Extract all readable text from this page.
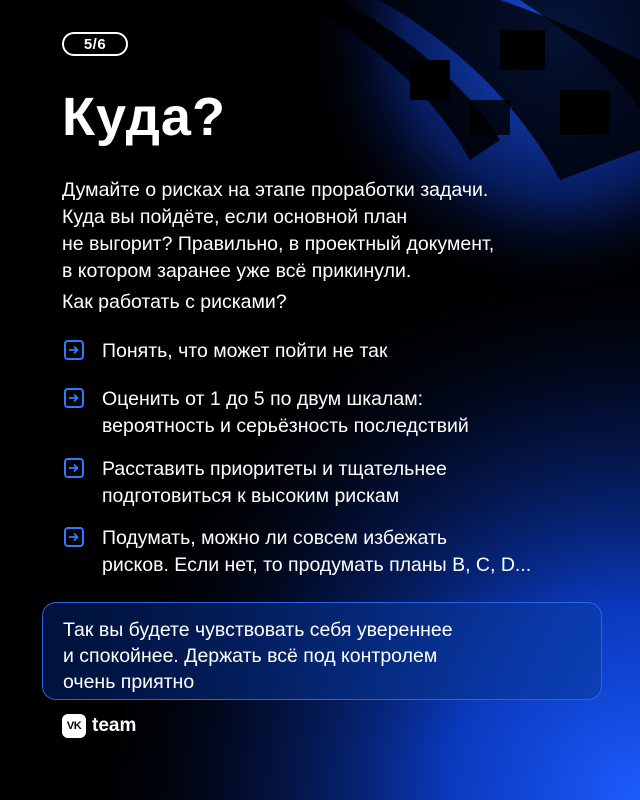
5/6
Куда?

Думайте о рисках на этапе проработки задачи.
Куда вы пойдёте, если основной план
не выгорит? Правильно, в проектный документ,
в котором заранее уже всё прикинули.

Как работать с рисками?

Понять, что может пойти не так
Оценить от 1 до 5 по двум шкалам:
вероятность и серьёзность последствий
Расставить приоритеты и тщательнее
подготовиться к высоким рискам
Подумать, можно ли совсем избежать
рисков. Если нет, то продумать планы B, C, D...

Так вы будете чувствовать себя увереннее
и спокойнее. Держать всё под контролем
очень приятно

VK team
